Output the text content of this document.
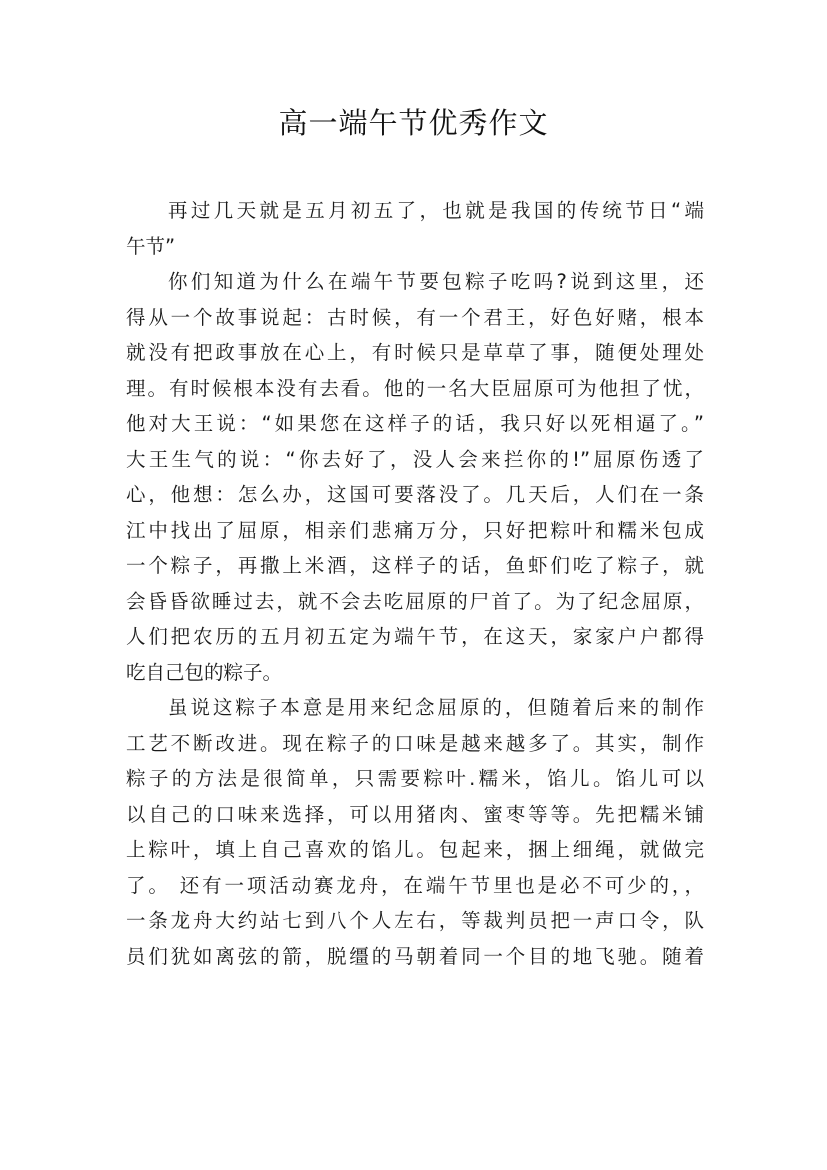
高一端午节优秀作文
再过几天就是五月初五了，也就是我国的传统节日“端
午节”
你们知道为什么在端午节要包粽子吃吗?说到这里，还
得从一个故事说起：古时候，有一个君王，好色好赌，根本
就没有把政事放在心上，有时候只是草草了事，随便处理处
理。有时候根本没有去看。他的一名大臣屈原可为他担了忧，
他对大王说：“如果您在这样子的话，我只好以死相逼了。”
大王生气的说：“你去好了，没人会来拦你的!”屈原伤透了
心，他想：怎么办，这国可要落没了。几天后，人们在一条
江中找出了屈原，相亲们悲痛万分，只好把粽叶和糯米包成
一个粽子，再撒上米酒，这样子的话，鱼虾们吃了粽子，就
会昏昏欲睡过去，就不会去吃屈原的尸首了。为了纪念屈原，
人们把农历的五月初五定为端午节，在这天，家家户户都得
吃自己包的粽子。
虽说这粽子本意是用来纪念屈原的，但随着后来的制作
工艺不断改进。现在粽子的口味是越来越多了。其实，制作
粽子的方法是很简单，只需要粽叶.糯米，馅儿。馅儿可以
以自己的口味来选择，可以用猪肉、蜜枣等等。先把糯米铺
上粽叶，填上自己喜欢的馅儿。包起来，捆上细绳，就做完
了。 还有一项活动赛龙舟，在端午节里也是必不可少的，，
一条龙舟大约站七到八个人左右，等裁判员把一声口令，队
员们犹如离弦的箭，脱缰的马朝着同一个目的地飞驰。随着
